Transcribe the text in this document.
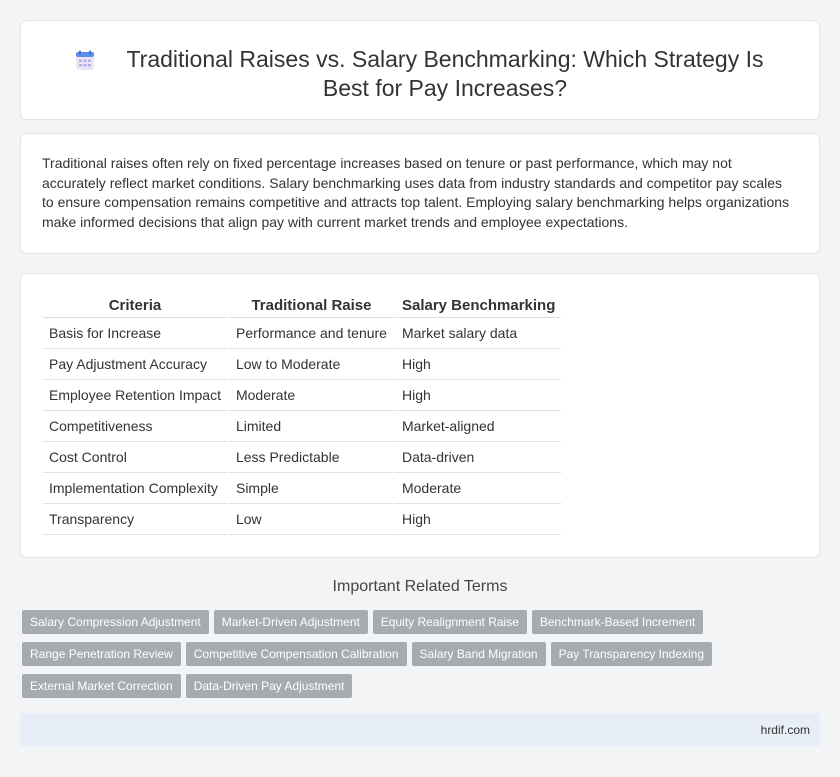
Traditional Raises vs. Salary Benchmarking: Which Strategy Is Best for Pay Increases?

Traditional raises often rely on fixed percentage increases based on tenure or past performance, which may not accurately reflect market conditions. Salary benchmarking uses data from industry standards and competitor pay scales to ensure compensation remains competitive and attracts top talent. Employing salary benchmarking helps organizations make informed decisions that align pay with current market trends and employee expectations.

Criteria	Traditional Raise	Salary Benchmarking
Basis for Increase	Performance and tenure	Market salary data
Pay Adjustment Accuracy	Low to Moderate	High
Employee Retention Impact	Moderate	High
Competitiveness	Limited	Market-aligned
Cost Control	Less Predictable	Data-driven
Implementation Complexity	Simple	Moderate
Transparency	Low	High
Important Related Terms
Salary Compression Adjustment Market-Driven Adjustment Equity Realignment Raise Benchmark-Based Increment
Range Penetration Review Competitive Compensation Calibration Salary Band Migration Pay Transparency Indexing
External Market Correction Data-Driven Pay Adjustment
hrdif.com
